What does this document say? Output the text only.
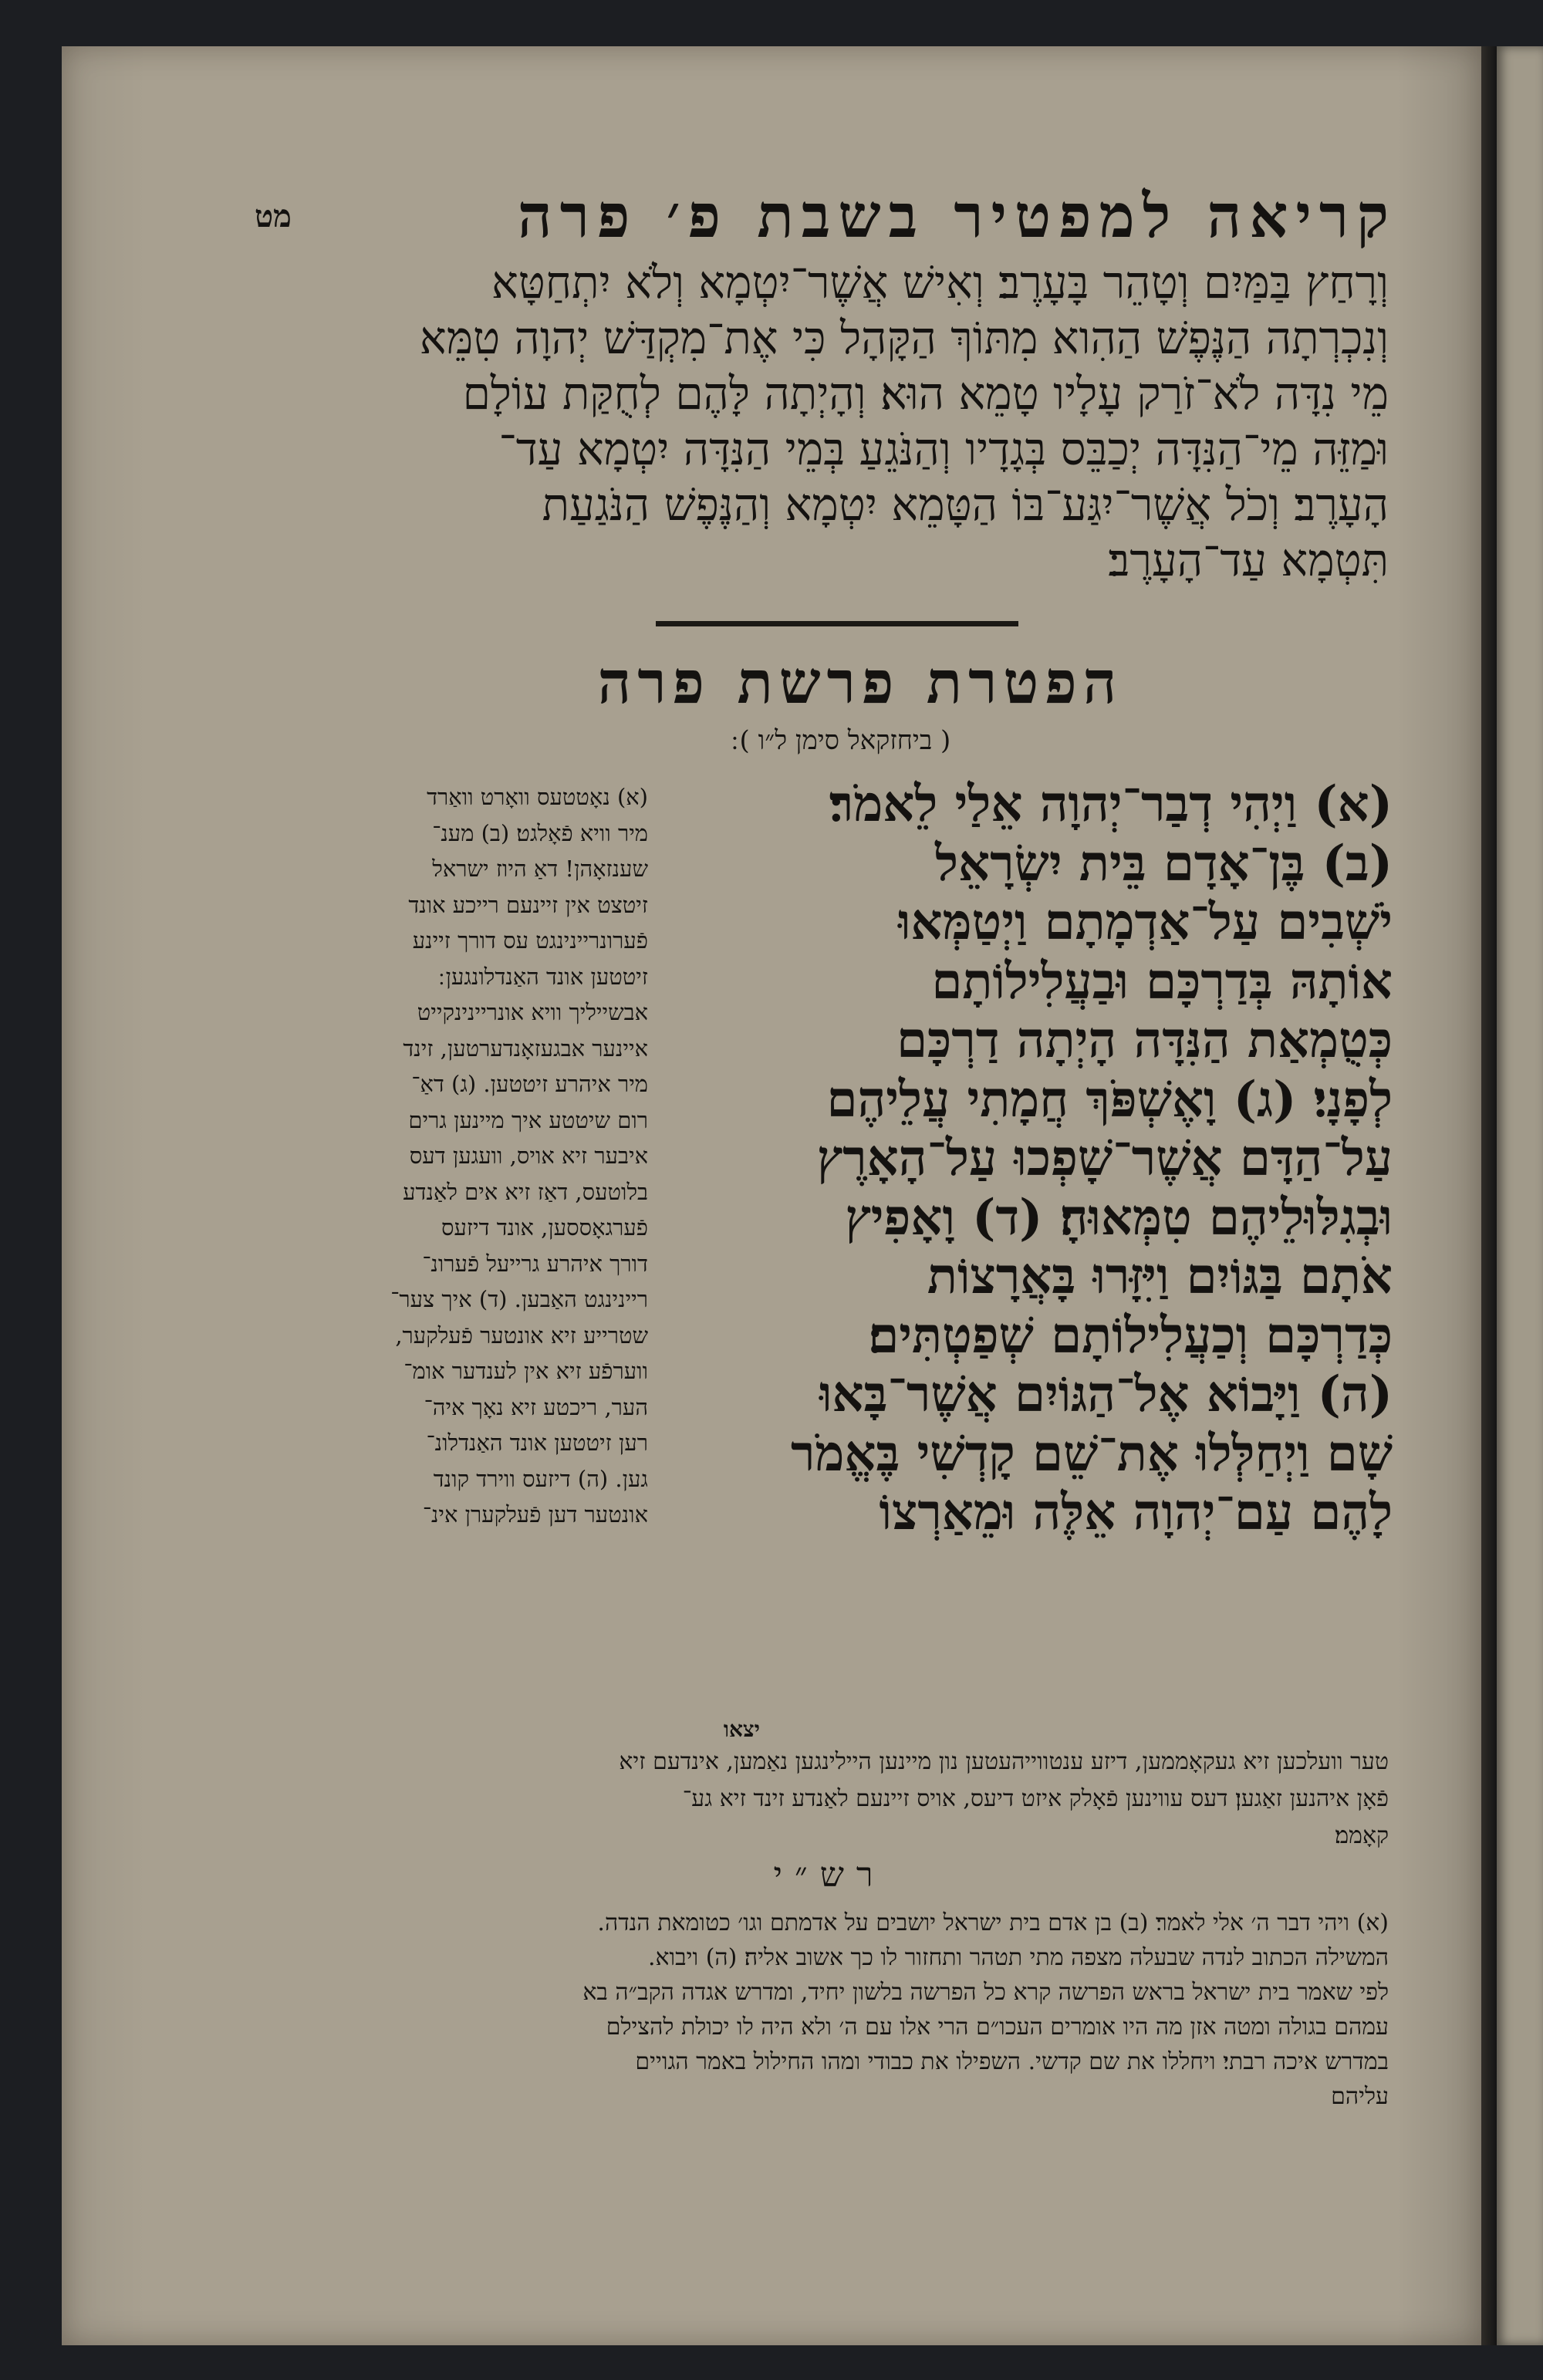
מט	קריאה למפטיר בשבת פ׳ פרה
וְרָחַץ בַּמַּיִם וְטָהֵר בָּעָרֶב׃ וְאִישׁ אֲשֶׁר־יִטְמָא וְלֹא יִתְחַטָּא
וְנִכְרְתָה הַנֶּפֶשׁ הַהִוא מִתּוֹךְ הַקָּהָל כִּי אֶת־מִקְדַּשׁ יְהוָה טִמֵּא
מֵי נִדָּה לֹא־זֹרַק עָלָיו טָמֵא הוּא׃ וְהָיְתָה לָּהֶם לְחֻקַּת עוֹלָם
וּמַזֵּה מֵי־הַנִּדָּה יְכַבֵּס בְּגָדָיו וְהַנֹּגֵעַ בְּמֵי הַנִּדָּה יִטְמָא עַד־
הָעָרֶב׃ וְכֹל אֲשֶׁר־יִגַּע־בּוֹ הַטָּמֵא יִטְמָא וְהַנֶּפֶשׁ הַנֹּגַעַת
תִּטְמָא עַד־הָעָרֶב׃
הפטרת פרשת פרה
( ביחזקאל סימן ל״ו ) ׃
(א) וַיְהִי דְבַר־יְהוָה אֵלַי לֵאמֹר׃
(ב) בֶּן־אָדָם בֵּית יִשְׂרָאֵל
יֹשְׁבִים עַל־אַדְמָתָם וַיְטַמְּאוּ
אוֹתָהּ בְּדַרְכָּם וּבַעֲלִילוֹתָם
כְּטֻמְאַת הַנִּדָּה הָיְתָה דַרְכָּם
לְפָנָי׃ (ג) וָאֶשְׁפֹּךְ חֲמָתִי עֲלֵיהֶם
עַל־הַדָּם אֲשֶׁר־שָׁפְכוּ עַל־הָאָרֶץ
וּבְגִלּוּלֵיהֶם טִמְּאוּהָ׃ (ד) וָאָפִיץ
אֹתָם בַּגּוֹיִם וַיִּזָּרוּ בָּאֲרָצוֹת
כְּדַרְכָּם וְכַעֲלִילוֹתָם שְׁפַטְתִּים׃
(ה) וַיָּבוֹא אֶל־הַגּוֹיִם אֲשֶׁר־בָּאוּ
שָׁם וַיְחַלְּלוּ אֶת־שֵׁם קָדְשִׁי בֶּאֱמֹר
לָהֶם עַם־יְהוָה אֵלֶּה וּמֵאַרְצוֹ
יצאו
(א) נאָטטעס וואָרט וואַרד
מיר וויא פֿאָלגט׃ (ב) מענ־
שענזאָהן! דאַ היוז ישראל
זיטצט אין זיינעם רייכע אונד
פֿערונריינינגט עס דורך זיינע
זיטטען אונד האַנדלונגען ׃
אבשייליך וויא אונריינינקייט
איינער אבגעזאָנדערטען, זינד
מיר איהרע זיטטען. (ג) דאַ־
רום שיטטע איך מיינען גרים
איבער זיא אויס, וועגען דעס
בלוטעס, דאַז זיא אים לאַנדע
פֿערגאָססען, אונד דיזעס
דורך איהרע גרייעל פֿערונ־
ריינינגט האַבען. (ד) איך צער־
שטרייע זיא אונטער פֿעלקער,
ווערפֿע זיא אין לענדער אומ־
הער, ריכטע זיא נאָך איה־
רען זיטטען אונד האַנדלונ־
גען. (ה) דיזעס ווירד קונד
אונטער דען פֿעלקערן אינ־
טער וועלכען זיא געקאָממען, דיזע ענטווייהעטען נון מיינען היילינגען נאַמען, אינדעם זיא
פֿאָן איהנען זאַגען׃ דעס עווינען פֿאָלק איזט דיעס, אויס זיינעם לאַנדע זינד זיא גע־
קאָממ׃
רש״י
(א) ויהי דבר ה׳ אלי לאמר׃ (ב) בן אדם בית ישראל יושבים על אדמתם וגו׳ כטומאת הנדה.
המשילה הכתוב לנדה שבעלה מצפה מתי תטהר ותחזור לו כך אשוב אליה׃ (ה) ויבוא.
לפי שאמר בית ישראל בראש הפרשה קרא כל הפרשה בלשון יחיד, ומדרש אגדה הקב״ה בא
עמהם בגולה ומטה אזן מה היו אומרים העכו״ם הרי אלו עם ה׳ ולא היה לו יכולת להצילם
במדרש איכה רבתי׃ ויחללו את שם קדשי. השפילו את כבודי ומהו החילול באמר הגויים
עליהם
